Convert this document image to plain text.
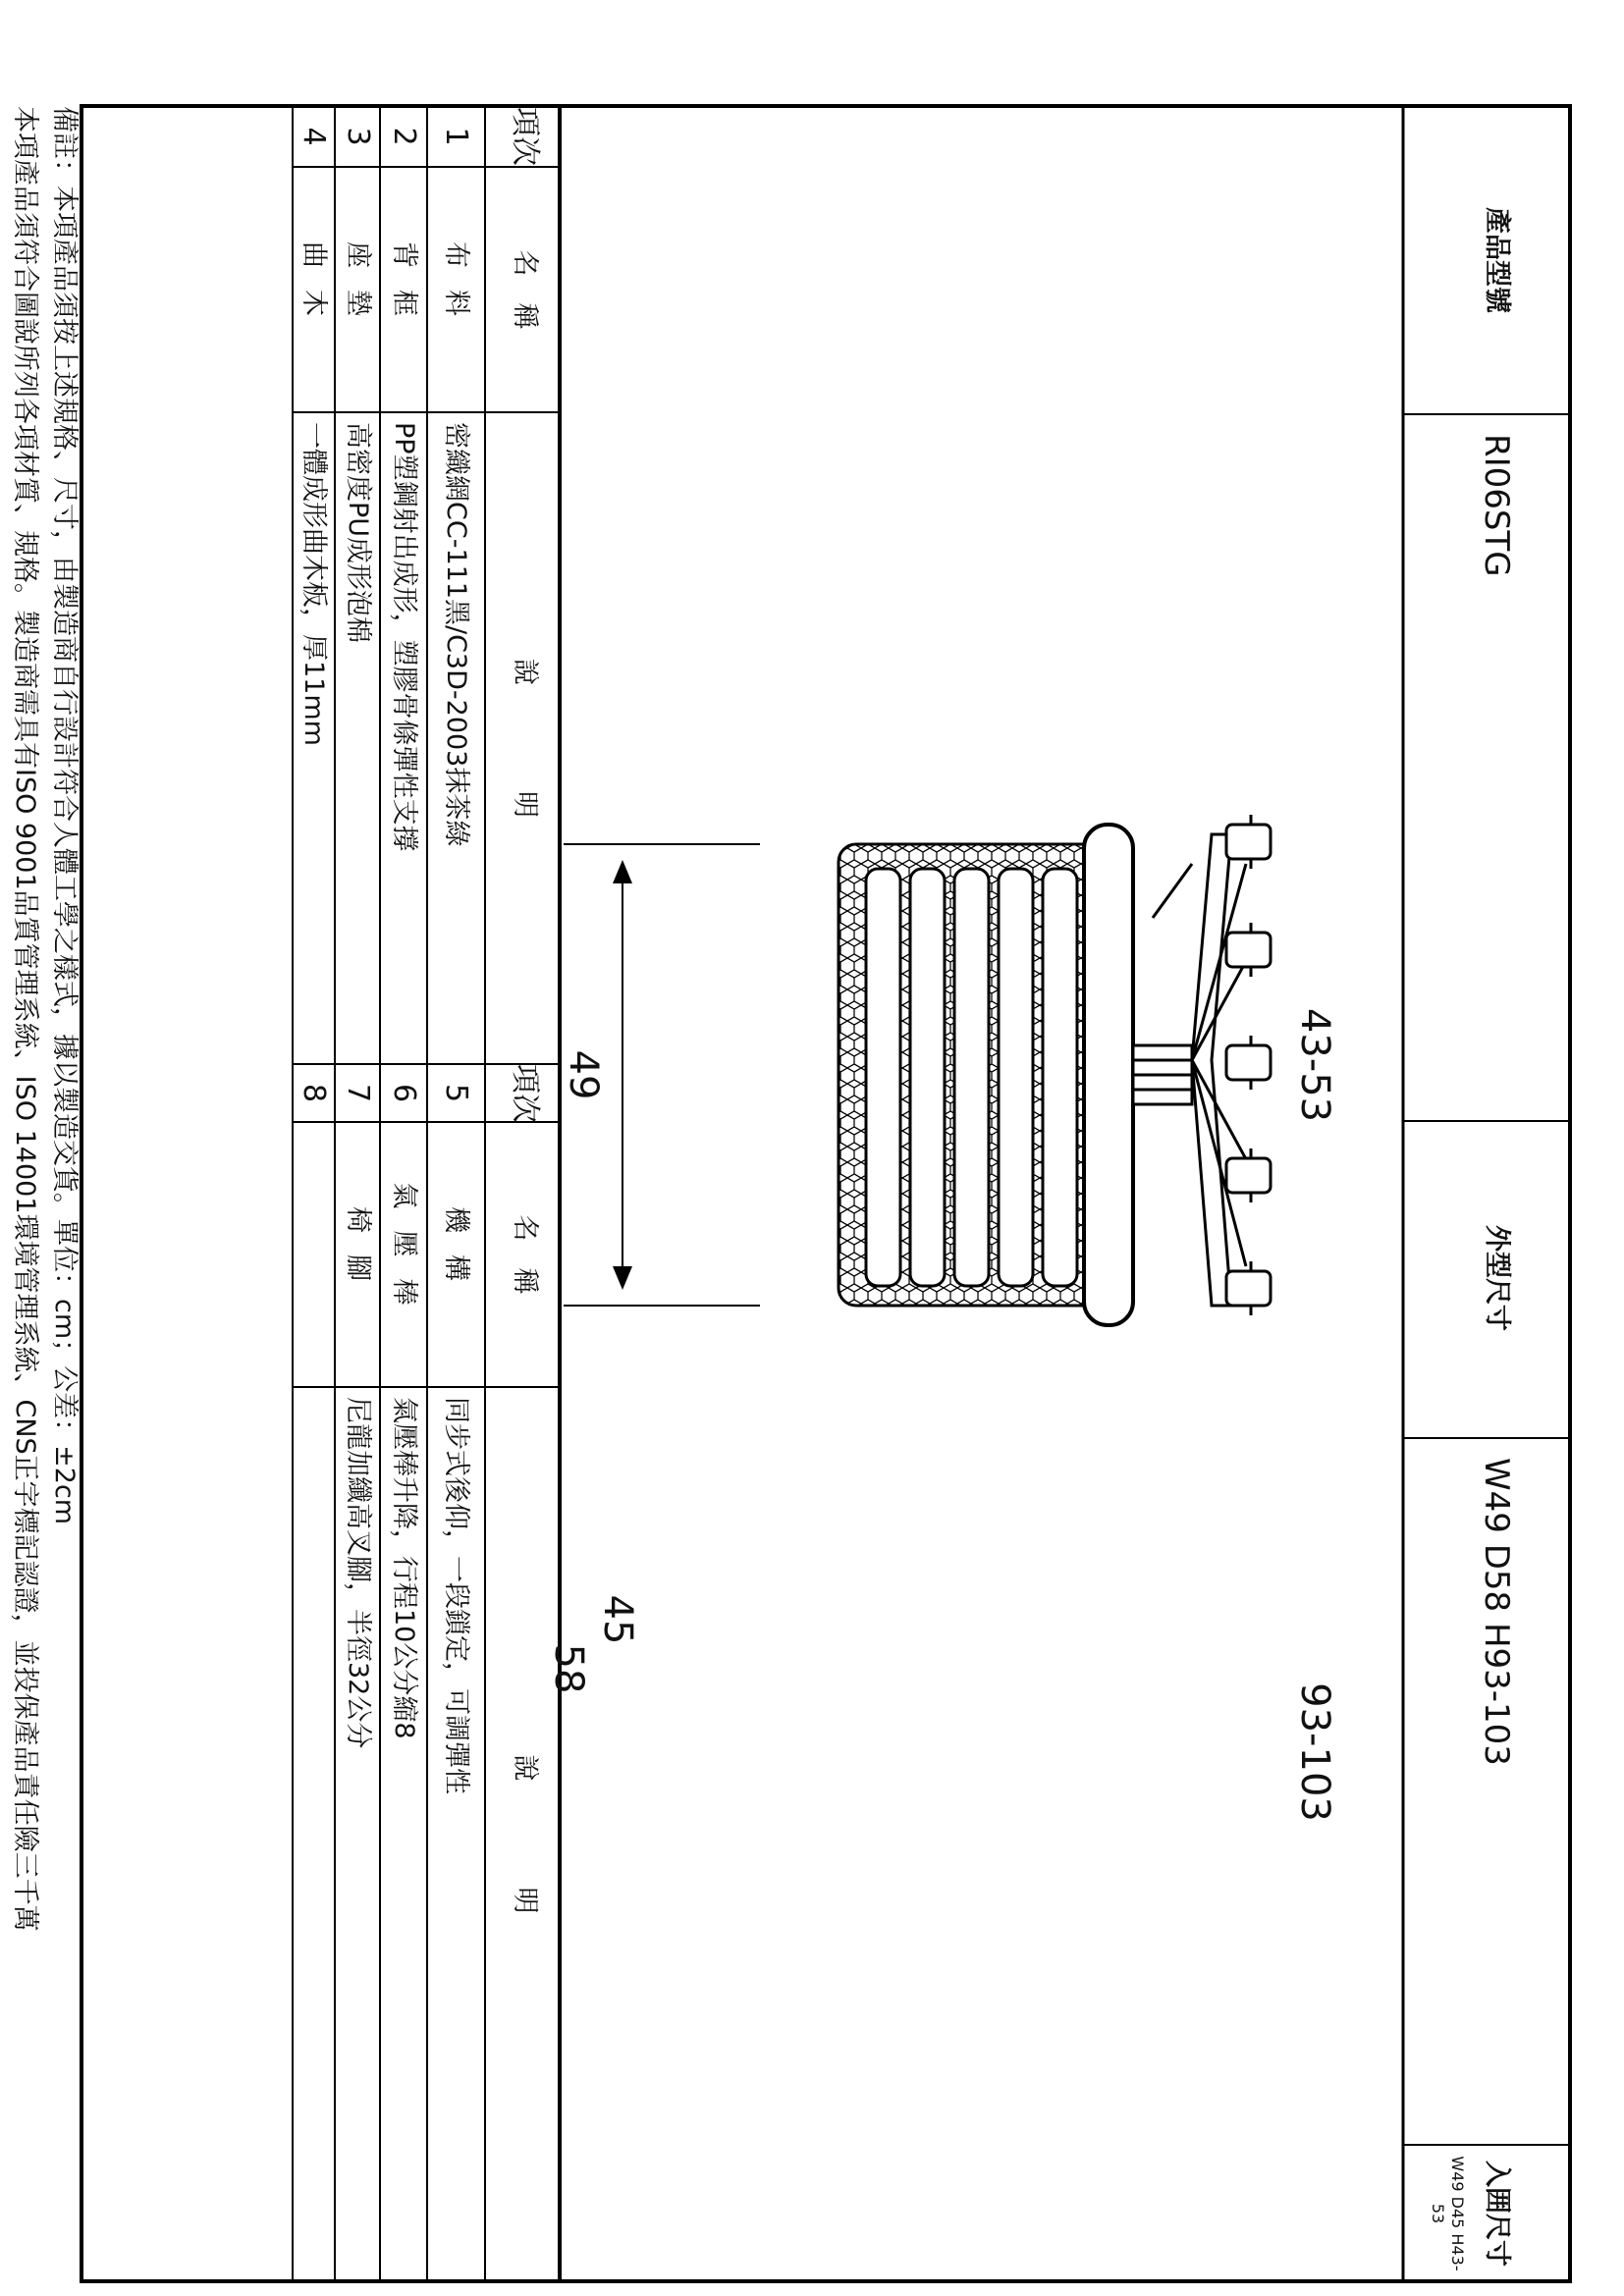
產品型號
RI06STG
外型尺寸
W49 D58 H93-103
入囲尺寸
項次
名　稱
說　　　　明
項次
名　稱
說　　　　明
1
布料
密織網CC-111黑/C3D-2003抹茶綠
2
背框
PP塑鋼射出成形，塑膠骨條彈性支撐
3
座墊
高密度PU成形泡棉
4
曲木
一體成形曲木板，厚11mm
5
機構
同步式後仰，一段鎖定，可調彈性
6
氣壓棒
氣壓棒升降，行程10公分縮8
7
椅腳
尼龍加纖高叉腳，半徑32公分
8
備註：本項產品須按上述規格、尺寸，由製造商自行設計符合人體工學之樣式，據以製造交貨。單位：cm；公差：±2cm
本項產品須符合圖說所列各項材質、規格。製造商需具有ISO 9001品質管理系統、ISO 14001環境管理系統、CNS正字標記認證，並投保產品責任險三千萬	49	43-53
45
58
93-103
W49 D45 H43-53
